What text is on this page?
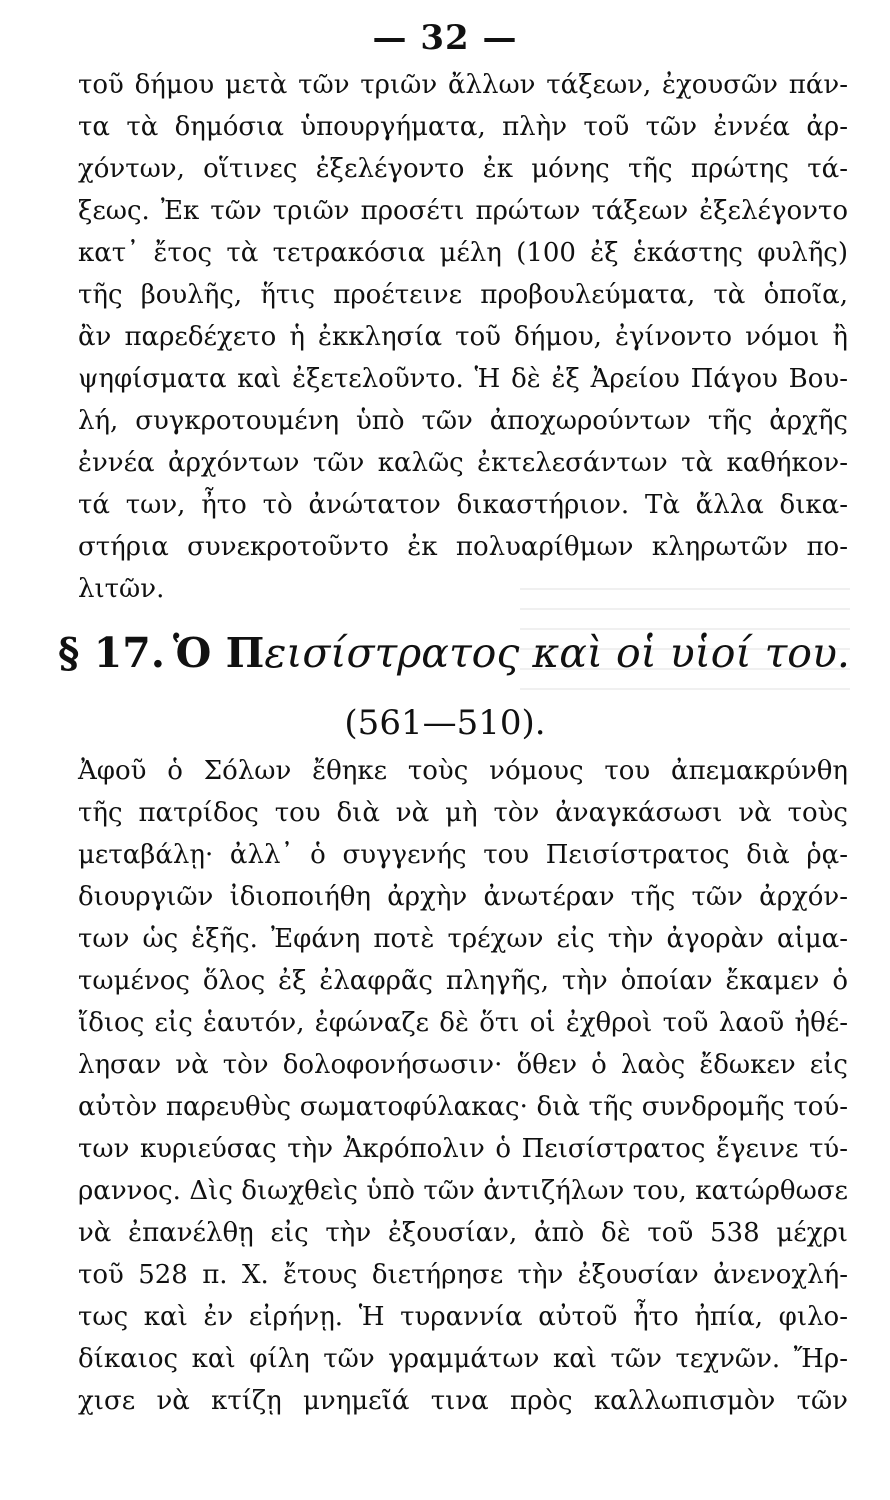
— 32 —
τοῦ δήμου μετὰ τῶν τριῶν ἄλλων τάξεων, ἐχουσῶν πάν-
τα τὰ δημόσια ὑπουργήματα, πλὴν τοῦ τῶν ἐννέα ἀρ-
χόντων, οἵτινες ἐξελέγοντο ἐκ μόνης τῆς πρώτης τά-
ξεως. Ἐκ τῶν τριῶν προσέτι πρώτων τάξεων ἐξελέγοντο
κατ᾽ ἔτος τὰ τετρακόσια μέλη (100 ἐξ ἑκάστης φυλῆς)
τῆς βουλῆς, ἥτις προέτεινε προβουλεύματα, τὰ ὁποῖα,
ἂν παρεδέχετο ἡ ἐκκλησία τοῦ δήμου, ἐγίνοντο νόμοι ἢ
ψηφίσματα καὶ ἐξετελοῦντο. Ἡ δὲ ἐξ Ἀρείου Πάγου Βου-
λή, συγκροτουμένη ὑπὸ τῶν ἀποχωρούντων τῆς ἀρχῆς
ἐννέα ἀρχόντων τῶν καλῶς ἐκτελεσάντων τὰ καθήκον-
τά των, ἦτο τὸ ἀνώτατον δικαστήριον. Τὰ ἄλλα δικα-
στήρια συνεκροτοῦντο ἐκ πολυαρίθμων κληρωτῶν πο-
λιτῶν.
§ 17. Ὁ Πεισίστρατος καὶ οἱ υἱοί του.
(561—510).
Ἀφοῦ ὁ Σόλων ἔθηκε τοὺς νόμους του ἀπεμακρύνθη
τῆς πατρίδος του διὰ νὰ μὴ τὸν ἀναγκάσωσι νὰ τοὺς
μεταβάλῃ· ἀλλ᾽ ὁ συγγενής του Πεισίστρατος διὰ ῥᾳ-
διουργιῶν ἰδιοποιήθη ἀρχὴν ἀνωτέραν τῆς τῶν ἀρχόν-
των ὡς ἑξῆς. Ἐφάνη ποτὲ τρέχων εἰς τὴν ἀγορὰν αἱμα-
τωμένος ὅλος ἐξ ἐλαφρᾶς πληγῆς, τὴν ὁποίαν ἔκαμεν ὁ
ἴδιος εἰς ἑαυτόν, ἐφώναζε δὲ ὅτι οἱ ἐχθροὶ τοῦ λαοῦ ἠθέ-
λησαν νὰ τὸν δολοφονήσωσιν· ὅθεν ὁ λαὸς ἔδωκεν εἰς
αὐτὸν παρευθὺς σωματοφύλακας· διὰ τῆς συνδρομῆς τού-
των κυριεύσας τὴν Ἀκρόπολιν ὁ Πεισίστρατος ἔγεινε τύ-
ραννος. Δὶς διωχθεὶς ὑπὸ τῶν ἀντιζήλων του, κατώρθωσε
νὰ ἐπανέλθῃ εἰς τὴν ἐξουσίαν, ἀπὸ δὲ τοῦ 538 μέχρι
τοῦ 528 π. Χ. ἔτους διετήρησε τὴν ἐξουσίαν ἀνενοχλή-
τως καὶ ἐν εἰρήνῃ. Ἡ τυραννία αὐτοῦ ἦτο ἠπία, φιλο-
δίκαιος καὶ φίλη τῶν γραμμάτων καὶ τῶν τεχνῶν. Ἤρ-
χισε νὰ κτίζῃ μνημεῖά τινα πρὸς καλλωπισμὸν τῶν
